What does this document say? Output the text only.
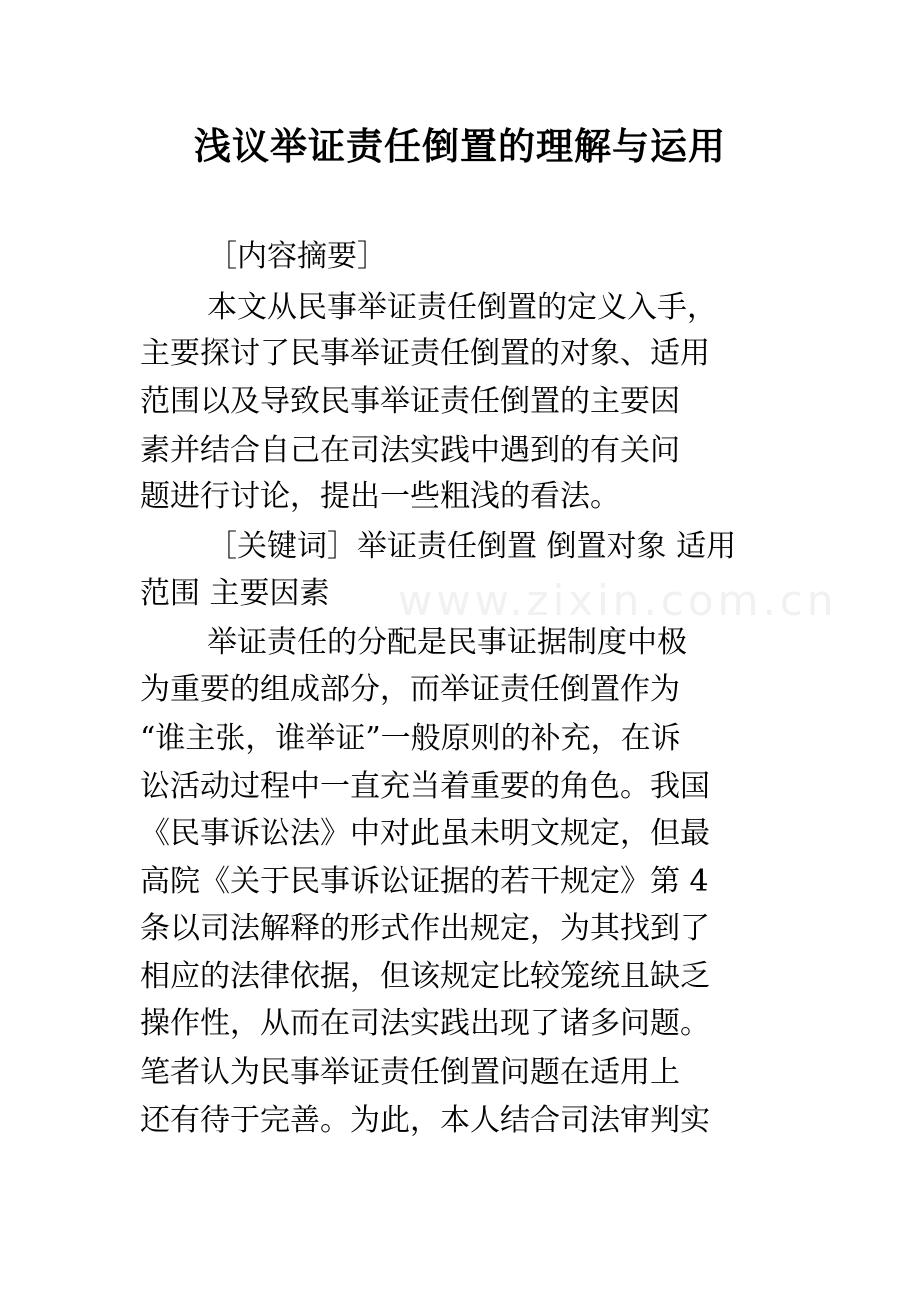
www.zixin.com.cn
浅议举证责任倒置的理解与运用
［内容摘要］
本文从民事举证责任倒置的定义入手，
主要探讨了民事举证责任倒置的对象、适用
范围以及导致民事举证责任倒置的主要因
素并结合自己在司法实践中遇到的有关问
题进行讨论，提出一些粗浅的看法。
［关键词］举证责任倒置 倒置对象 适用
范围 主要因素
举证责任的分配是民事证据制度中极
为重要的组成部分，而举证责任倒置作为
“谁主张，谁举证”一般原则的补充，在诉
讼活动过程中一直充当着重要的角色。我国
《民事诉讼法》中对此虽未明文规定，但最
高院《关于民事诉讼证据的若干规定》第 4
条以司法解释的形式作出规定，为其找到了
相应的法律依据，但该规定比较笼统且缺乏
操作性，从而在司法实践出现了诸多问题。
笔者认为民事举证责任倒置问题在适用上
还有待于完善。为此，本人结合司法审判实
